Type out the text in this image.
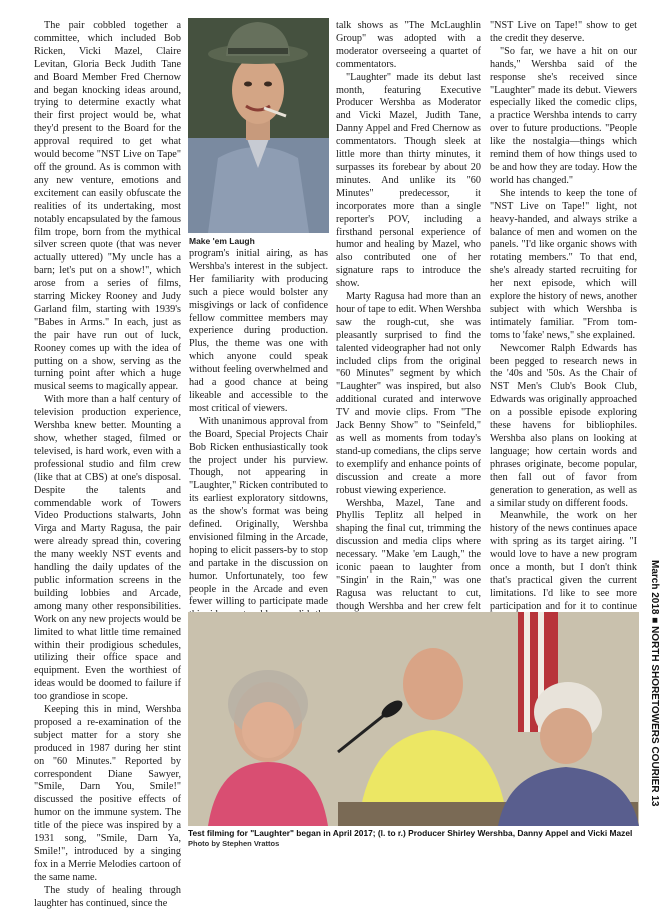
The pair cobbled together a committee, which included Bob Ricken, Vicki Mazel, Claire Levitan, Gloria Beck Judith Tane and Board Member Fred Chernow and began knocking ideas around, trying to determine exactly what their first project would be, what they'd present to the Board for the approval required to get what would become "NST Live on Tape" off the ground. As is common with any new venture, emotions and excitement can easily obfuscate the realities of its undertaking, most notably encapsulated by the famous film trope, born from the mythical silver screen quote (that was never actually uttered) "My uncle has a barn; let's put on a show!", which arose from a series of films, starring Mickey Rooney and Judy Garland film, starting with 1939's "Babes in Arms." In each, just as the pair have run out of luck, Rooney comes up with the idea of putting on a show, serving as the turning point after which a huge musical seems to magically appear.

With more than a half century of television production experience, Wershba knew better. Mounting a show, whether staged, filmed or televised, is hard work, even with a professional studio and film crew (like that at CBS) at one's disposal. Despite the talents and commendable work of Towers Video Productions stalwarts, John Virga and Marty Ragusa, the pair were already spread thin, covering the many weekly NST events and handling the daily updates of the public information screens in the building lobbies and Arcade, among many other responsibilities. Work on any new projects would be limited to what little time remained within their prodigious schedules, utilizing their office space and equipment. Even the worthiest of ideas would be doomed to failure if too grandiose in scope.

Keeping this in mind, Wershba proposed a re-examination of the subject matter for a story she produced in 1987 during her stint on "60 Minutes." Reported by correspondent Diane Sawyer, "Smile, Darn You, Smile!" discussed the positive effects of humor on the immune system. The title of the piece was inspired by a 1931 song, "Smile, Darn Ya, Smile!", introduced by a singing fox in a Merrie Melodies cartoon of the same name.

The study of healing through laughter has continued, since the

Make 'em Laugh

program's initial airing, as has Wershba's interest in the subject. Her familiarity with producing such a piece would bolster any misgivings or lack of confidence fellow committee members may experience during production. Plus, the theme was one with which anyone could speak without feeling overwhelmed and had a good chance at being likeable and accessible to the most critical of viewers.

With unanimous approval from the Board, Special Projects Chair Bob Ricken enthusiastically took the project under his purview. Though, not appearing in "Laughter," Ricken contributed to its earliest exploratory sitdowns, as the show's format was being defined. Originally, Wershba envisioned filming in the Arcade, hoping to elicit passers-by to stop and partake in the discussion on humor. Unfortunately, too few people in the Arcade and even fewer willing to participate made

talk shows as "The McLaughlin Group" was adopted with a moderator overseeing a quartet of commentators.

"Laughter" made its debut last month, featuring Executive Producer Wershba as Moderator and Vicki Mazel, Judith Tane, Danny Appel and Fred Chernow as commentators. Though sleek at little more than thirty minutes, it surpasses its forebear by about 20 minutes. And unlike its "60 Minutes" predecessor, it incorporates more than a single reporter's POV, including a firsthand personal experience of humor and healing by Mazel, who also contributed one of her signature raps to introduce the show.

Marty Ragusa had more than an hour of tape to edit. When Wershba saw the rough-cut, she was pleasantly surprised to find the talented videographer had not only included clips from the original "60 Minutes" segment by which "Laughter" was inspired, but also additional curated and interwove TV and movie clips. From "The Jack Benny Show" to "Seinfeld," as well as moments from today's stand-up comedians, the clips serve to exemplify and enhance points of discussion and create a more robust viewing experience.

Wershba, Mazel, Tane and Phyllis Teplitz all helped in shaping the final cut, trimming the discussion and media clips where necessary. "Make 'em Laugh," the iconic paean to laughter from "Singin' in the Rain," was one Ragusa was reluctant to cut, though Wershba and her crew felt

"NST Live on Tape!" show to get the credit they deserve.

"So far, we have a hit on our hands," Wershba said of the response she's received since "Laughter" made its debut. Viewers especially liked the comedic clips, a practice Wershba intends to carry over to future productions. "People like the nostalgia—things which remind them of how things used to be and how they are today. How the world has changed."

She intends to keep the tone of "NST Live on Tape!" light, not heavy-handed, and always strike a balance of men and women on the panels. "I'd like organic shows with rotating members." To that end, she's already started recruiting for her next episode, which will explore the history of news, another subject with which Wershba is intimately familiar. "From tom-toms to 'fake' news," she explained.

Newcomer Ralph Edwards has been pegged to research news in the '40s and '50s. As the Chair of NST Men's Club's Book Club, Edwards was originally approached on a possible episode exploring these havens for bibliophiles. Wershba also plans on looking at language; how certain words and phrases originate, become popular, then fall out of favor from generation to generation, as well as a similar study on different foods.

Meanwhile, the work on her history of the news continues apace with spring as its target airing. "I would love to have a new program once a month, but I don't think that's practical given the current limitations. I'd like to see more participation and for it to continue

Test filming for "Laughter" began in April 2017; (l. to r.) Producer Shirley Wershba, Danny Appel and Vicki Mazel Photo by Stephen Vrattos
March 2018 ■ NORTH SHORETOWERS COURIER 13
